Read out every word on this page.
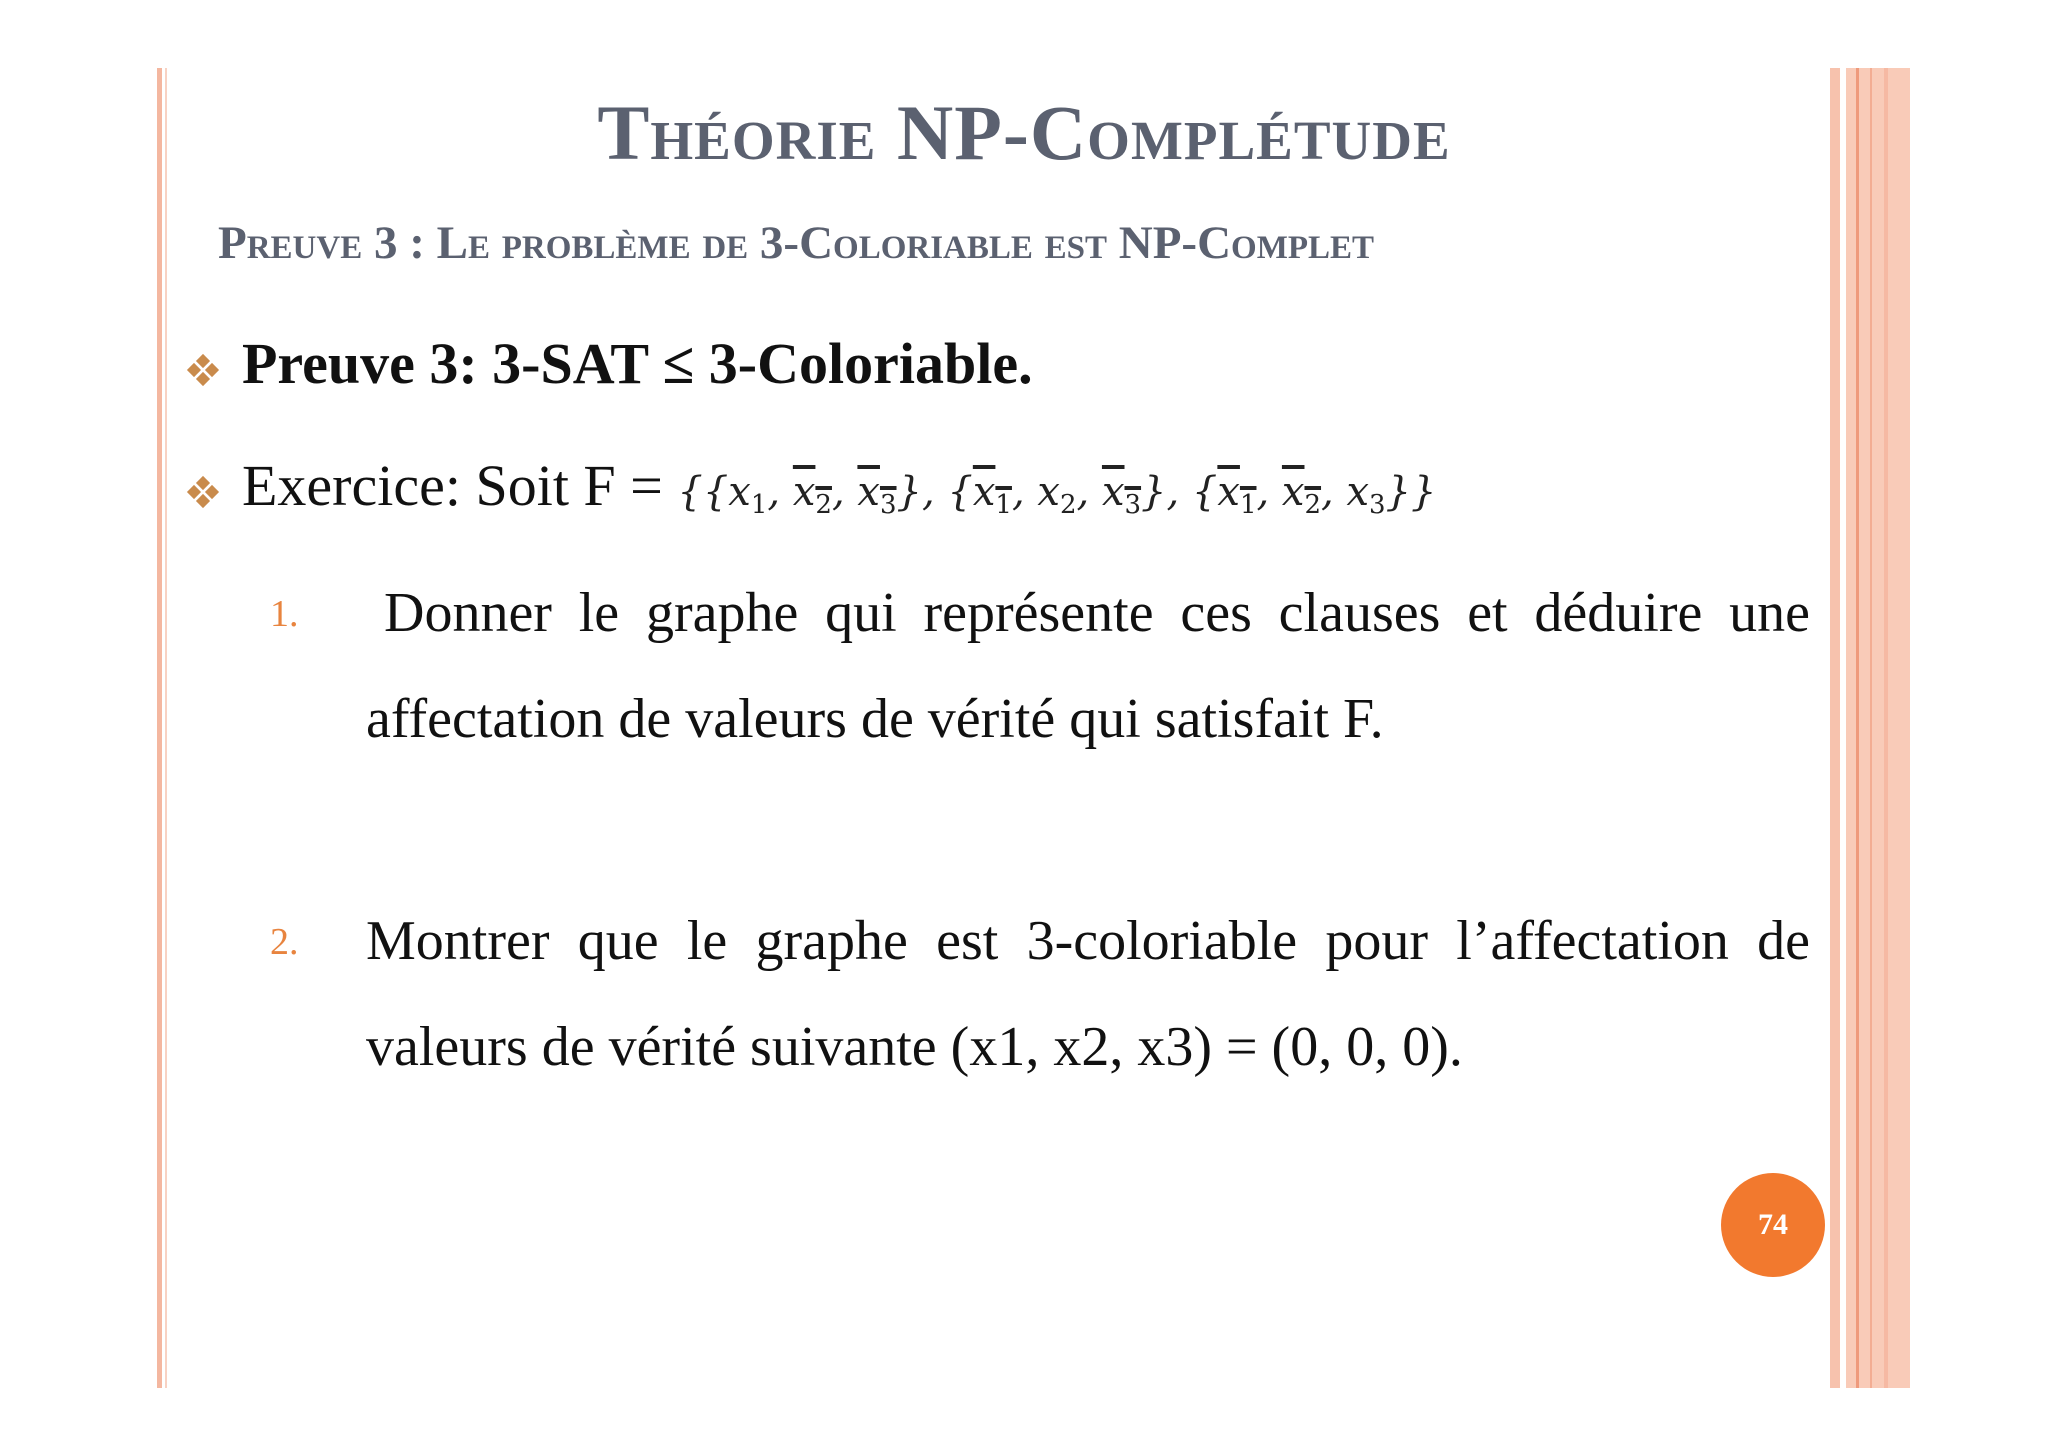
Théorie NP-Complétude
Preuve 3 : Le problème de 3-Coloriable est NP-Complet
Preuve 3: 3-SAT ≤ 3-Coloriable.
Exercice: Soit $F = \{\{x_1$, $x_2$, $x_3$}, {$x_1$, $x_2$, $x_3$}, {$x_1$, $x_2$, $x_3$}}
1.	Donner le graphe qui représente ces clauses et déduire une affectation de valeurs de vérité qui satisfait F.
2. Montrer que le graphe est 3-coloriable pour l’affectation de valeurs de vérité suivante (x1, x2, x3) = (0, 0, 0).
74
